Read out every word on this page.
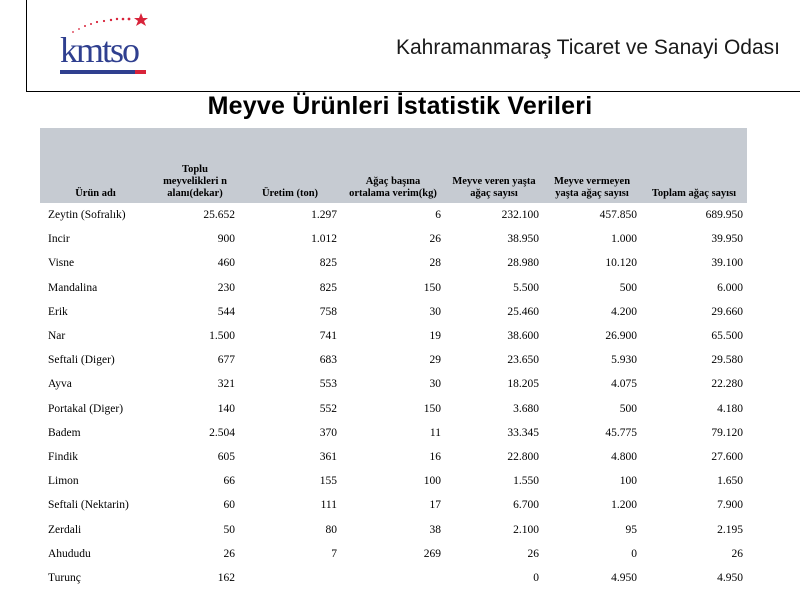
kmtso	Kahramanmaraş Ticaret ve Sanayi Odası
Meyve Ürünleri İstatistik Verileri
Ürün adı	Toplu meyvelikleri n alanı(dekar)	Üretim (ton)	Ağaç başına ortalama verim(kg)	Meyve veren yaşta ağaç sayısı	Meyve vermeyen yaşta ağaç sayısı	Toplam ağaç sayısı
Zeytin (Sofralık)	25.652	1.297	6	232.100	457.850	689.950
Incir	900	1.012	26	38.950	1.000	39.950
Visne	460	825	28	28.980	10.120	39.100
Mandalina	230	825	150	5.500	500	6.000
Erik	544	758	30	25.460	4.200	29.660
Nar	1.500	741	19	38.600	26.900	65.500
Seftali (Diger)	677	683	29	23.650	5.930	29.580
Ayva	321	553	30	18.205	4.075	22.280
Portakal (Diger)	140	552	150	3.680	500	4.180
Badem	2.504	370	11	33.345	45.775	79.120
Findik	605	361	16	22.800	4.800	27.600
Limon	66	155	100	1.550	100	1.650
Seftali (Nektarin)	60	111	17	6.700	1.200	7.900
Zerdali	50	80	38	2.100	95	2.195
Ahududu	26	7	269	26	0	26
Turunç	162			0	4.950	4.950
